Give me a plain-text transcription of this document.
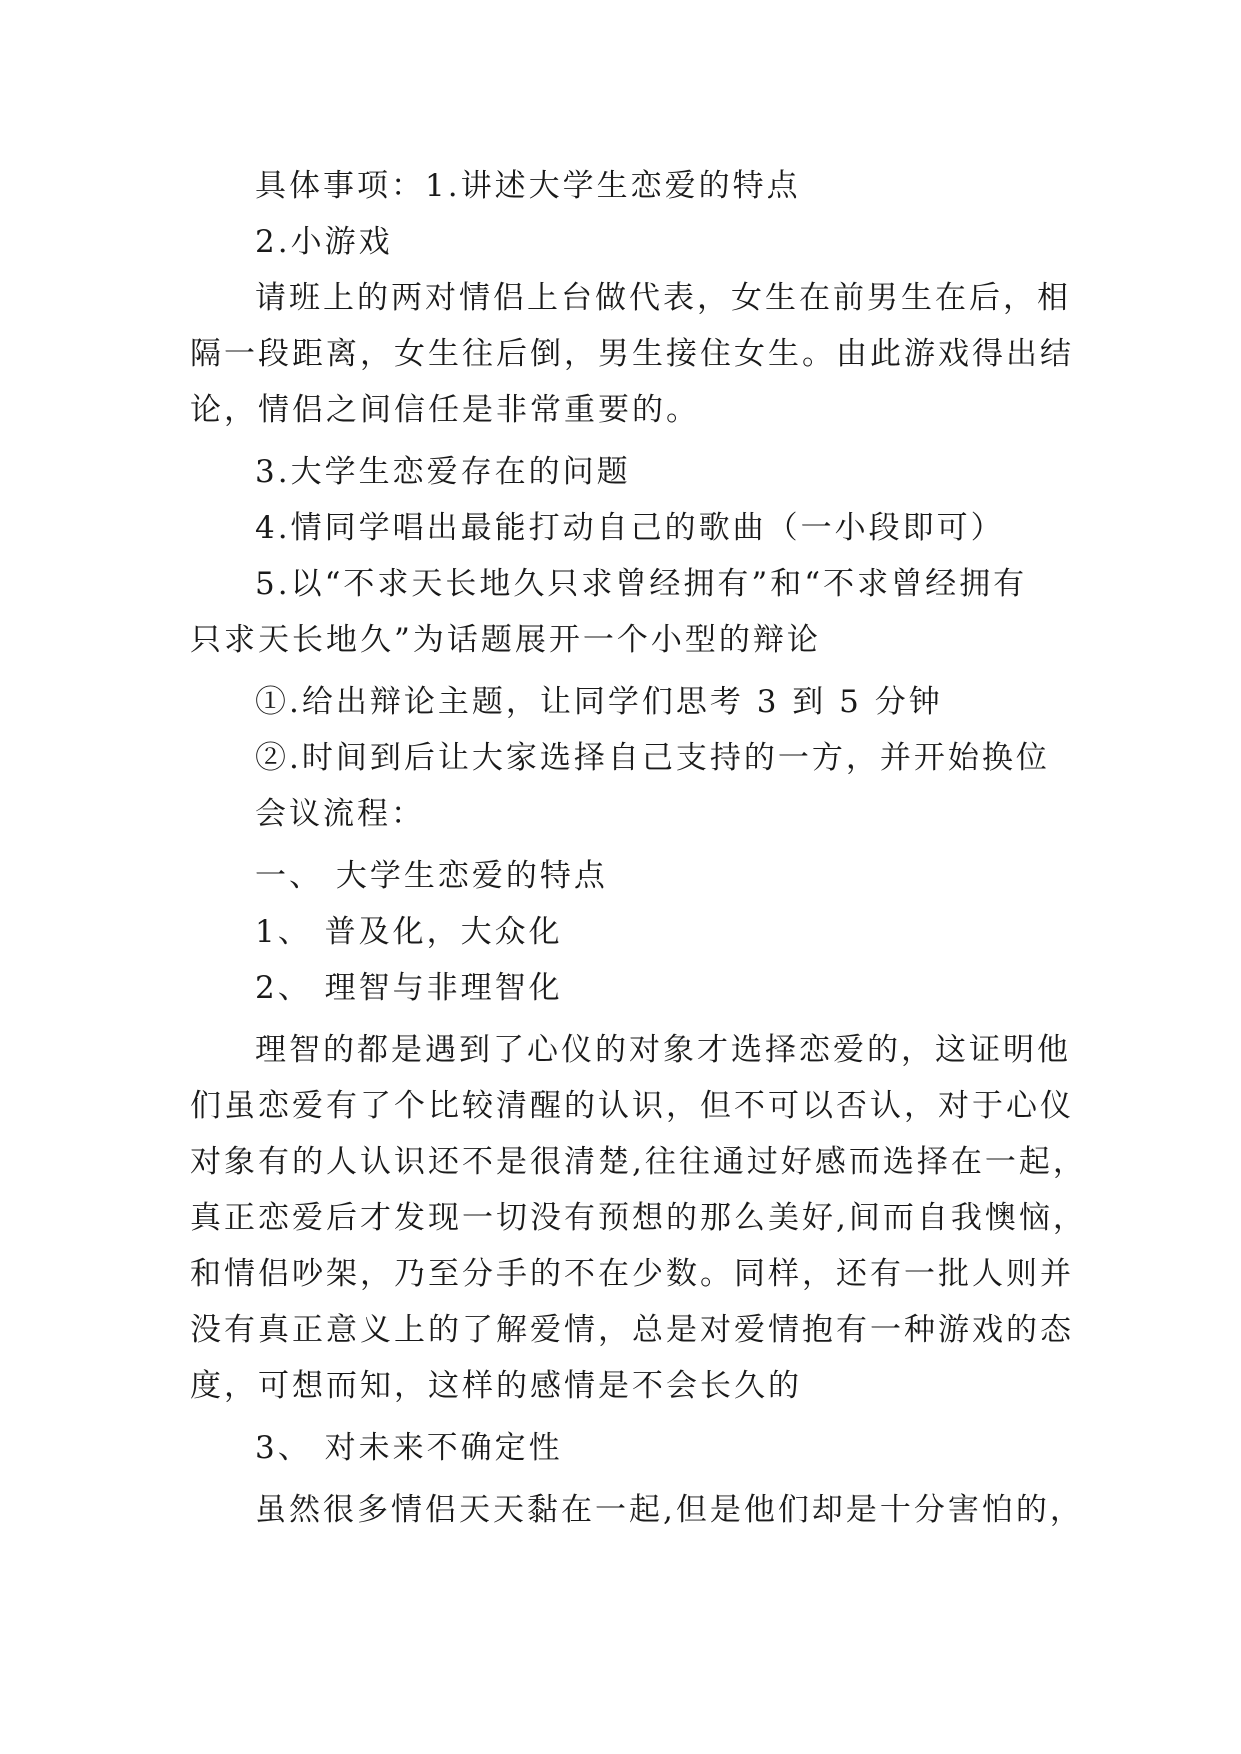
具体事项：1.讲述大学生恋爱的特点
2.小游戏
请班上的两对情侣上台做代表，女生在前男生在后，相
隔一段距离，女生往后倒，男生接住女生。由此游戏得出结
论，情侣之间信任是非常重要的。
3.大学生恋爱存在的问题
4.情同学唱出最能打动自己的歌曲（一小段即可）
5.以“不求天长地久只求曾经拥有”和“不求曾经拥有
只求天长地久”为话题展开一个小型的辩论
①.给出辩论主题，让同学们思考 3 到 5 分钟
②.时间到后让大家选择自己支持的一方，并开始换位
会议流程：
一、 大学生恋爱的特点
1、 普及化，大众化
2、 理智与非理智化
理智的都是遇到了心仪的对象才选择恋爱的，这证明他
们虽恋爱有了个比较清醒的认识，但不可以否认，对于心仪
对象有的人认识还不是很清楚,往往通过好感而选择在一起，
真正恋爱后才发现一切没有预想的那么美好,间而自我懊恼，
和情侣吵架，乃至分手的不在少数。同样，还有一批人则并
没有真正意义上的了解爱情，总是对爱情抱有一种游戏的态
度，可想而知，这样的感情是不会长久的
3、 对未来不确定性
虽然很多情侣天天黏在一起,但是他们却是十分害怕的，
